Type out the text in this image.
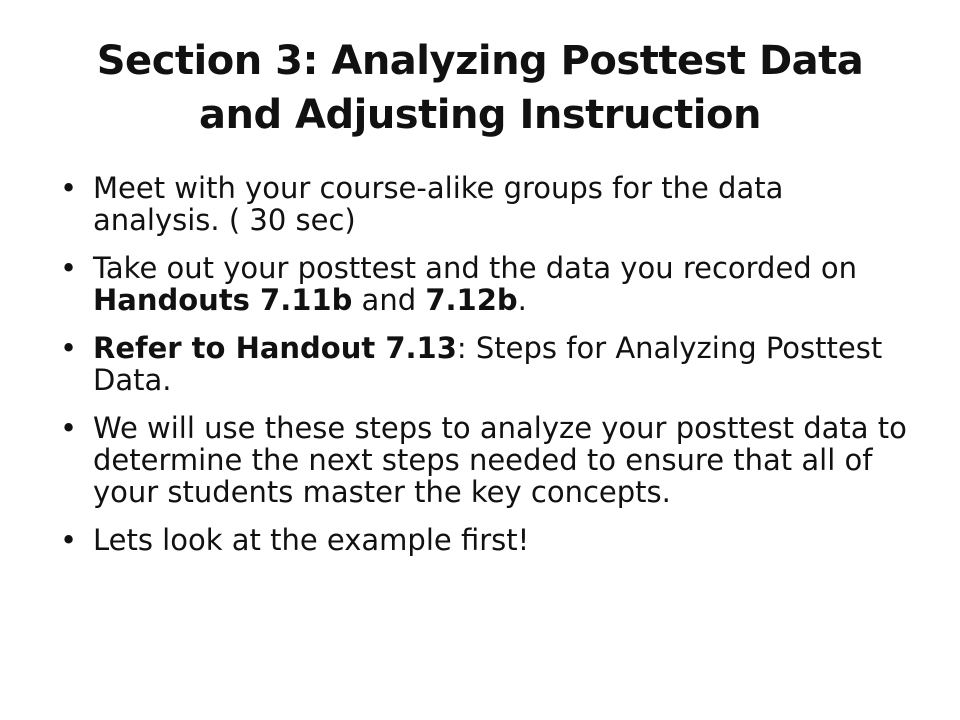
Section 3: Analyzing Posttest Data
and Adjusting Instruction
• Meet with your course-alike groups for the data analysis. ( 30 sec)
• Take out your posttest and the data you recorded on Handouts 7.11b and 7.12b.
• Refer to Handout 7.13: Steps for Analyzing Posttest Data.
• We will use these steps to analyze your posttest data to determine the next steps needed to ensure that all of your students master the key concepts.
• Lets look at the example first!
